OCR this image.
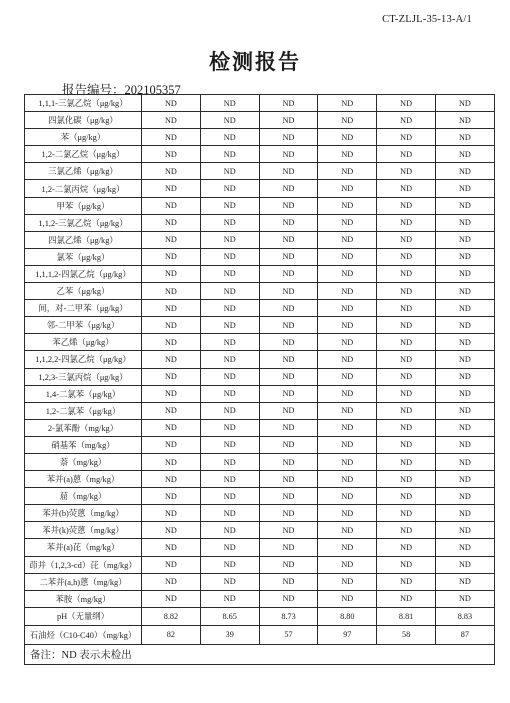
CT-ZLJL-35-13-A/1
检测报告
报告编号：202105357
1,1,1-三氯乙烷（μg/kg）	ND	ND	ND	ND	ND	ND
四氯化碳（μg/kg）	ND	ND	ND	ND	ND	ND
苯（μg/kg）	ND	ND	ND	ND	ND	ND
1,2-二氯乙烷（μg/kg）	ND	ND	ND	ND	ND	ND
三氯乙烯（μg/kg）	ND	ND	ND	ND	ND	ND
1,2-二氯丙烷（μg/kg）	ND	ND	ND	ND	ND	ND
甲苯（μg/kg）	ND	ND	ND	ND	ND	ND
1,1,2-三氯乙烷（μg/kg）	ND	ND	ND	ND	ND	ND
四氯乙烯（μg/kg）	ND	ND	ND	ND	ND	ND
氯苯（μg/kg）	ND	ND	ND	ND	ND	ND
1,1,1,2-四氯乙烷（μg/kg）	ND	ND	ND	ND	ND	ND
乙苯（μg/kg）	ND	ND	ND	ND	ND	ND
间，对-二甲苯（μg/kg）	ND	ND	ND	ND	ND	ND
邻-二甲苯（μg/kg）	ND	ND	ND	ND	ND	ND
苯乙烯（μg/kg）	ND	ND	ND	ND	ND	ND
1,1,2,2-四氯乙烷（μg/kg）	ND	ND	ND	ND	ND	ND
1,2,3-三氯丙烷（μg/kg）	ND	ND	ND	ND	ND	ND
1,4-二氯苯（μg/kg）	ND	ND	ND	ND	ND	ND
1,2-二氯苯（μg/kg）	ND	ND	ND	ND	ND	ND
2-氯苯酚（mg/kg）	ND	ND	ND	ND	ND	ND
硝基苯（mg/kg）	ND	ND	ND	ND	ND	ND
萘（mg/kg）	ND	ND	ND	ND	ND	ND
苯并(a)蒽（mg/kg）	ND	ND	ND	ND	ND	ND
䓛（mg/kg）	ND	ND	ND	ND	ND	ND
苯并(b)荧蒽（mg/kg）	ND	ND	ND	ND	ND	ND
苯并(k)荧蒽（mg/kg）	ND	ND	ND	ND	ND	ND
苯并(a)芘（mg/kg）	ND	ND	ND	ND	ND	ND
茚并（1,2,3-cd）芘（mg/kg）	ND	ND	ND	ND	ND	ND
二苯并(a,h)蒽（mg/kg）	ND	ND	ND	ND	ND	ND
苯胺（mg/kg）	ND	ND	ND	ND	ND	ND
pH（无量纲）	8.82	8.65	8.73	8.80	8.81	8.83
石油烃（C10-C40）（mg/kg）	82	39	57	97	58	87
备注：ND 表示未检出						
